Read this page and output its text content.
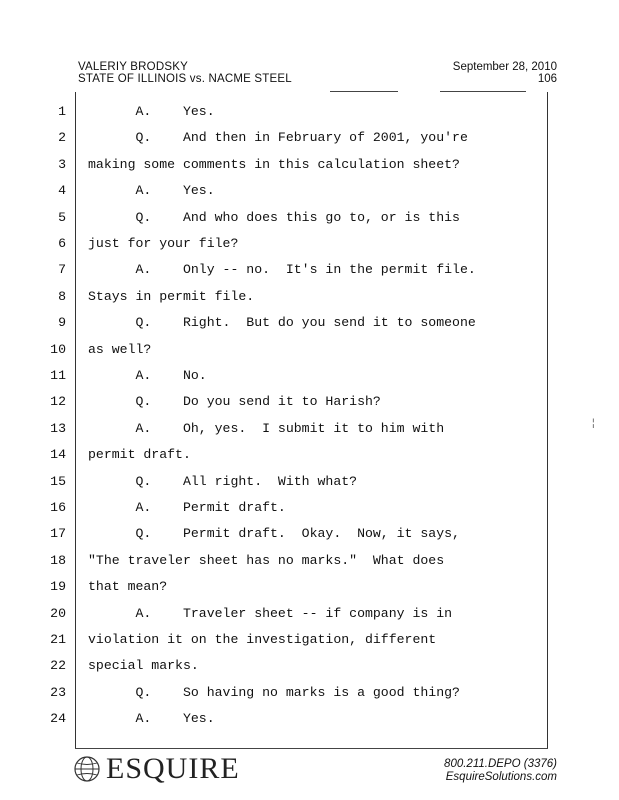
VALERIY BRODSKY
STATE OF ILLINOIS vs. NACME STEEL
September 28, 2010
106
1 A.    Yes.
2 Q.    And then in February of 2001, you're
3 making some comments in this calculation sheet?
4 A.    Yes.
5 Q.    And who does this go to, or is this
6 just for your file?
7 A.    Only -- no.  It's in the permit file.
8 Stays in permit file.
9 Q.    Right.  But do you send it to someone
10 as well?
11 A.    No.
12 Q.    Do you send it to Harish?
13 A.    Oh, yes.  I submit it to him with
14 permit draft.
15 Q.    All right.  With what?
16 A.    Permit draft.
17 Q.    Permit draft.  Okay.  Now, it says,
18 "The traveler sheet has no marks."  What does
19 that mean?
20 A.    Traveler sheet -- if company is in
21 violation it on the investigation, different
22 special marks.
23 Q.    So having no marks is a good thing?
24 A.    Yes.
ESQUIRE	800.211.DEPO (3376)
EsquireSolutions.com
¦
